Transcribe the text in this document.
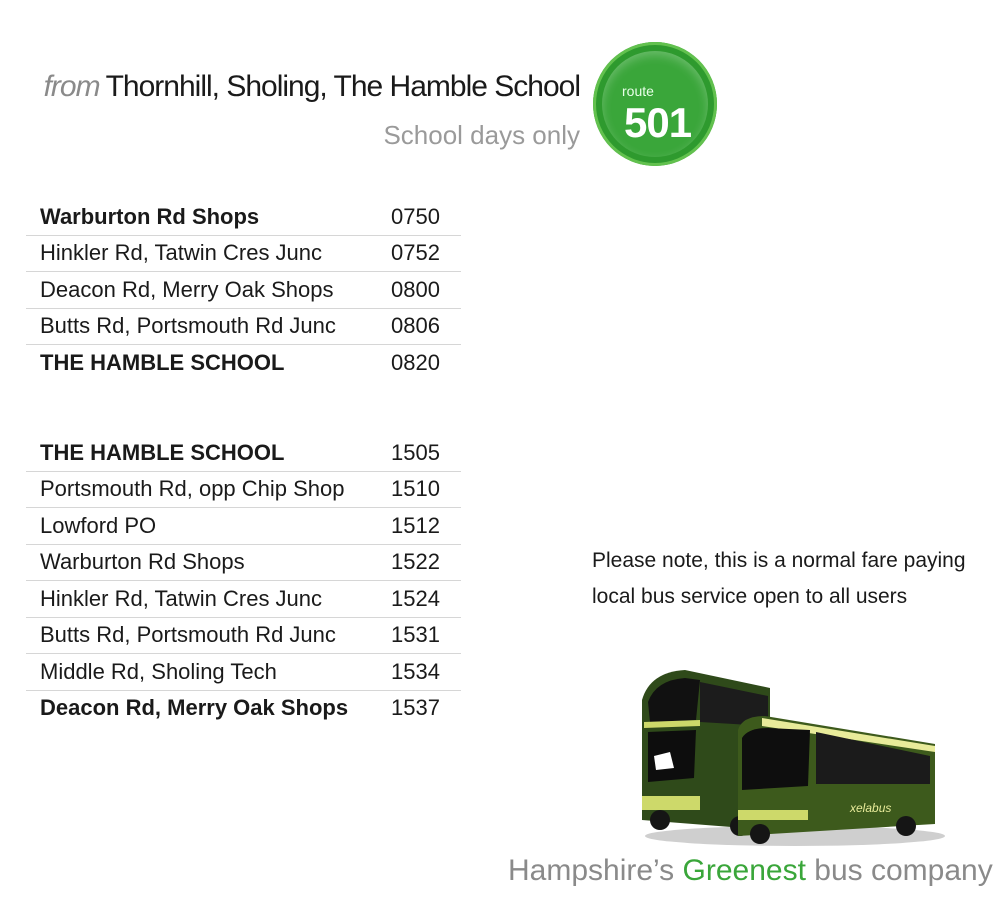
from Thornhill, Sholing, The Hamble School
School days only
route
501
Warburton Rd Shops	0750
Hinkler Rd, Tatwin Cres Junc	0752
Deacon Rd, Merry Oak Shops	0800
Butts Rd, Portsmouth Rd Junc	0806
THE HAMBLE SCHOOL	0820
THE HAMBLE SCHOOL	1505
Portsmouth Rd, opp Chip Shop	1510
Lowford PO	1512
Warburton Rd Shops	1522
Hinkler Rd, Tatwin Cres Junc	1524
Butts Rd, Portsmouth Rd Junc	1531
Middle Rd, Sholing Tech	1534
Deacon Rd, Merry Oak Shops	1537
Please note, this is a normal fare paying
local bus service open to all users
xelabus
Hampshire’s Greenest bus company
